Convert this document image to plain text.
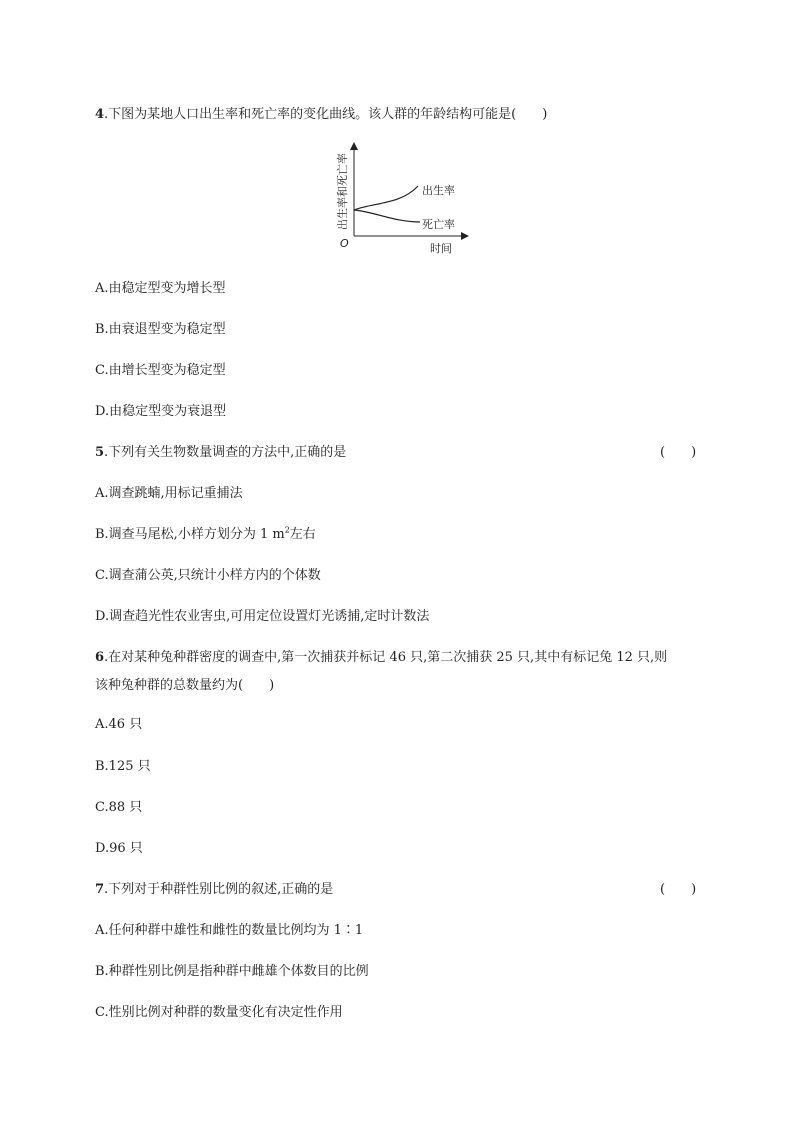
4.下图为某地人口出生率和死亡率的变化曲线。该人群的年龄结构可能是(　　)
O	时间
出生率和死亡率	出生率
死亡率
A.由稳定型变为增长型
B.由衰退型变为稳定型
C.由增长型变为稳定型
D.由稳定型变为衰退型
5.下列有关生物数量调查的方法中,正确的是	(　　)
A.调查跳蝻,用标记重捕法
B.调查马尾松,小样方划分为 1 $m^2$左右
C.调查蒲公英,只统计小样方内的个体数
D.调查趋光性农业害虫,可用定位设置灯光诱捕,定时计数法
6.在对某种兔种群密度的调查中,第一次捕获并标记 46 只,第二次捕获 25 只,其中有标记兔 12 只,则
该种兔种群的总数量约为(　　)
A.46 只
B.125 只
C.88 只
D.96 只
7.下列对于种群性别比例的叙述,正确的是	(　　)
A.任何种群中雄性和雌性的数量比例均为 1∶1
B.种群性别比例是指种群中雌雄个体数目的比例
C.性别比例对种群的数量变化有决定性作用
